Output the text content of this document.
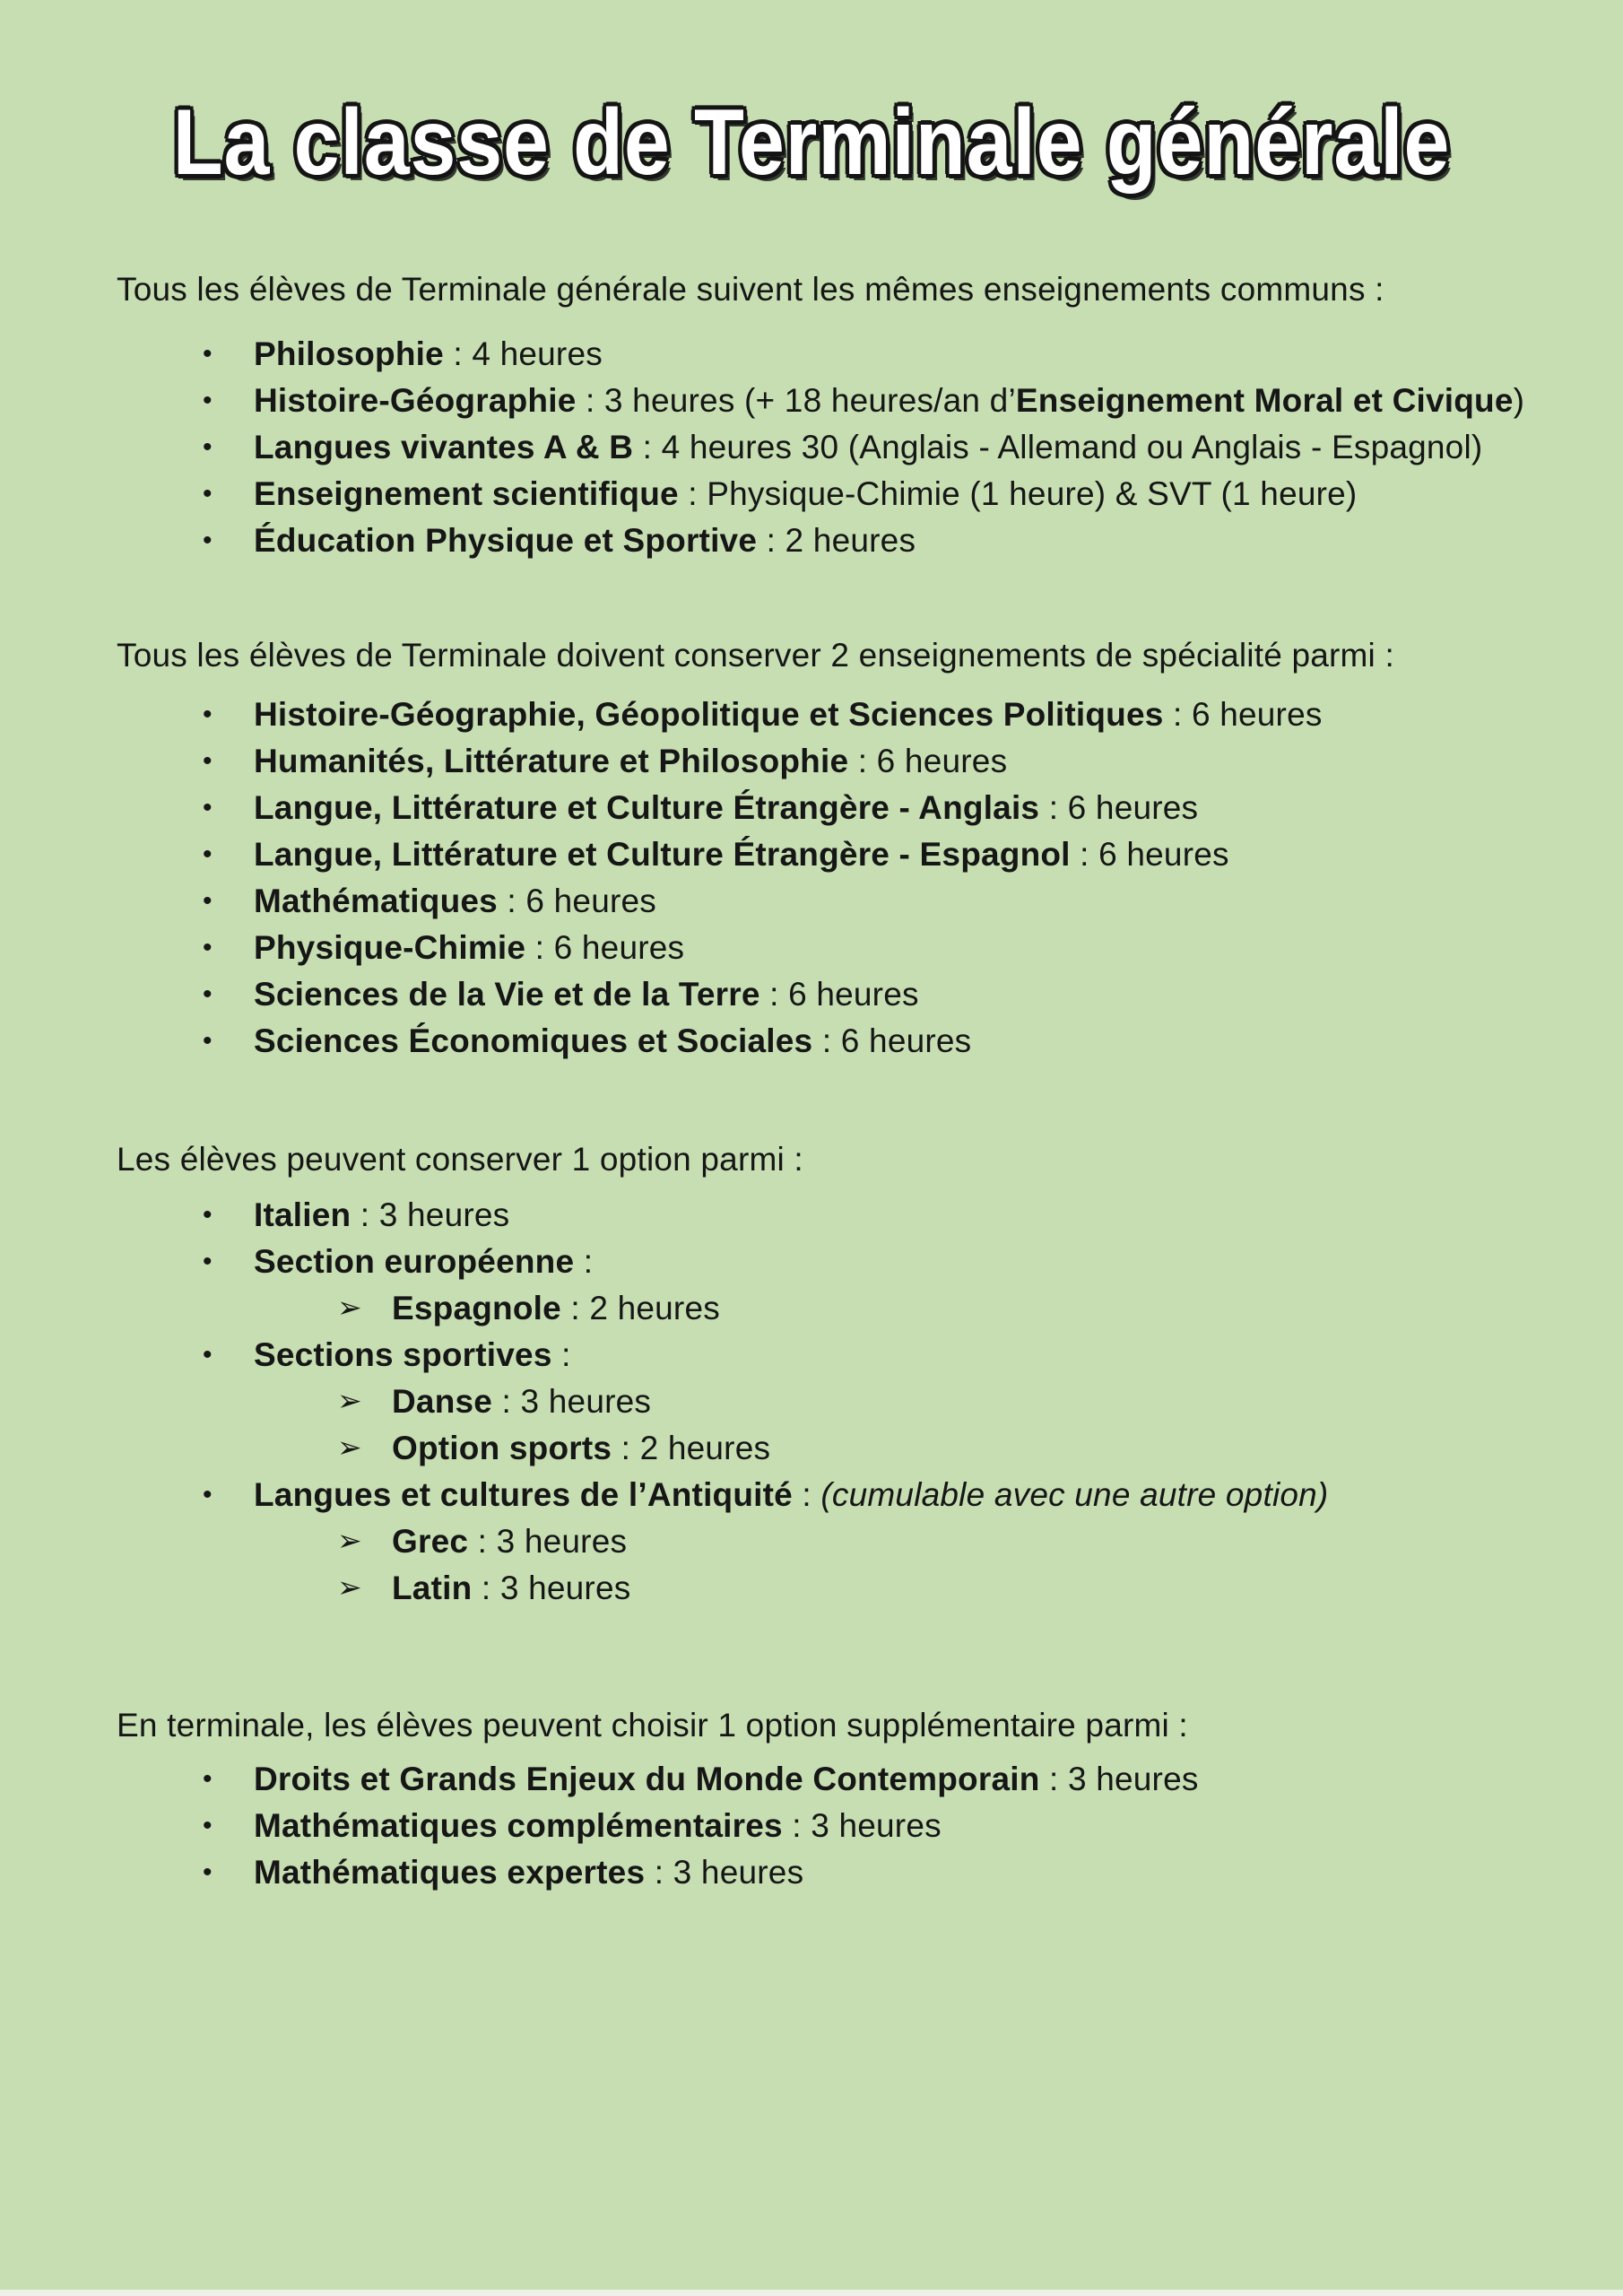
La classe de Terminale générale

Tous les élèves de Terminale générale suivent les mêmes enseignements communs :

• Philosophie : 4 heures
• Histoire-Géographie : 3 heures (+ 18 heures/an d’Enseignement Moral et Civique)
• Langues vivantes A & B : 4 heures 30 (Anglais - Allemand ou Anglais - Espagnol)
• Enseignement scientifique : Physique-Chimie (1 heure) & SVT (1 heure)
• Éducation Physique et Sportive : 2 heures

Tous les élèves de Terminale doivent conserver 2 enseignements de spécialité parmi :

• Histoire-Géographie, Géopolitique et Sciences Politiques : 6 heures
• Humanités, Littérature et Philosophie : 6 heures
• Langue, Littérature et Culture Étrangère - Anglais : 6 heures
• Langue, Littérature et Culture Étrangère - Espagnol : 6 heures
• Mathématiques : 6 heures
• Physique-Chimie : 6 heures
• Sciences de la Vie et de la Terre : 6 heures
• Sciences Économiques et Sociales : 6 heures

Les élèves peuvent conserver 1 option parmi :

• Italien : 3 heures
• Section européenne :
➢ Espagnole : 2 heures
• Sections sportives :
➢ Danse : 3 heures
➢ Option sports : 2 heures
• Langues et cultures de l’Antiquité : (cumulable avec une autre option)
➢ Grec : 3 heures
➢ Latin : 3 heures

En terminale, les élèves peuvent choisir 1 option supplémentaire parmi :

• Droits et Grands Enjeux du Monde Contemporain : 3 heures
• Mathématiques complémentaires : 3 heures
• Mathématiques expertes : 3 heures
